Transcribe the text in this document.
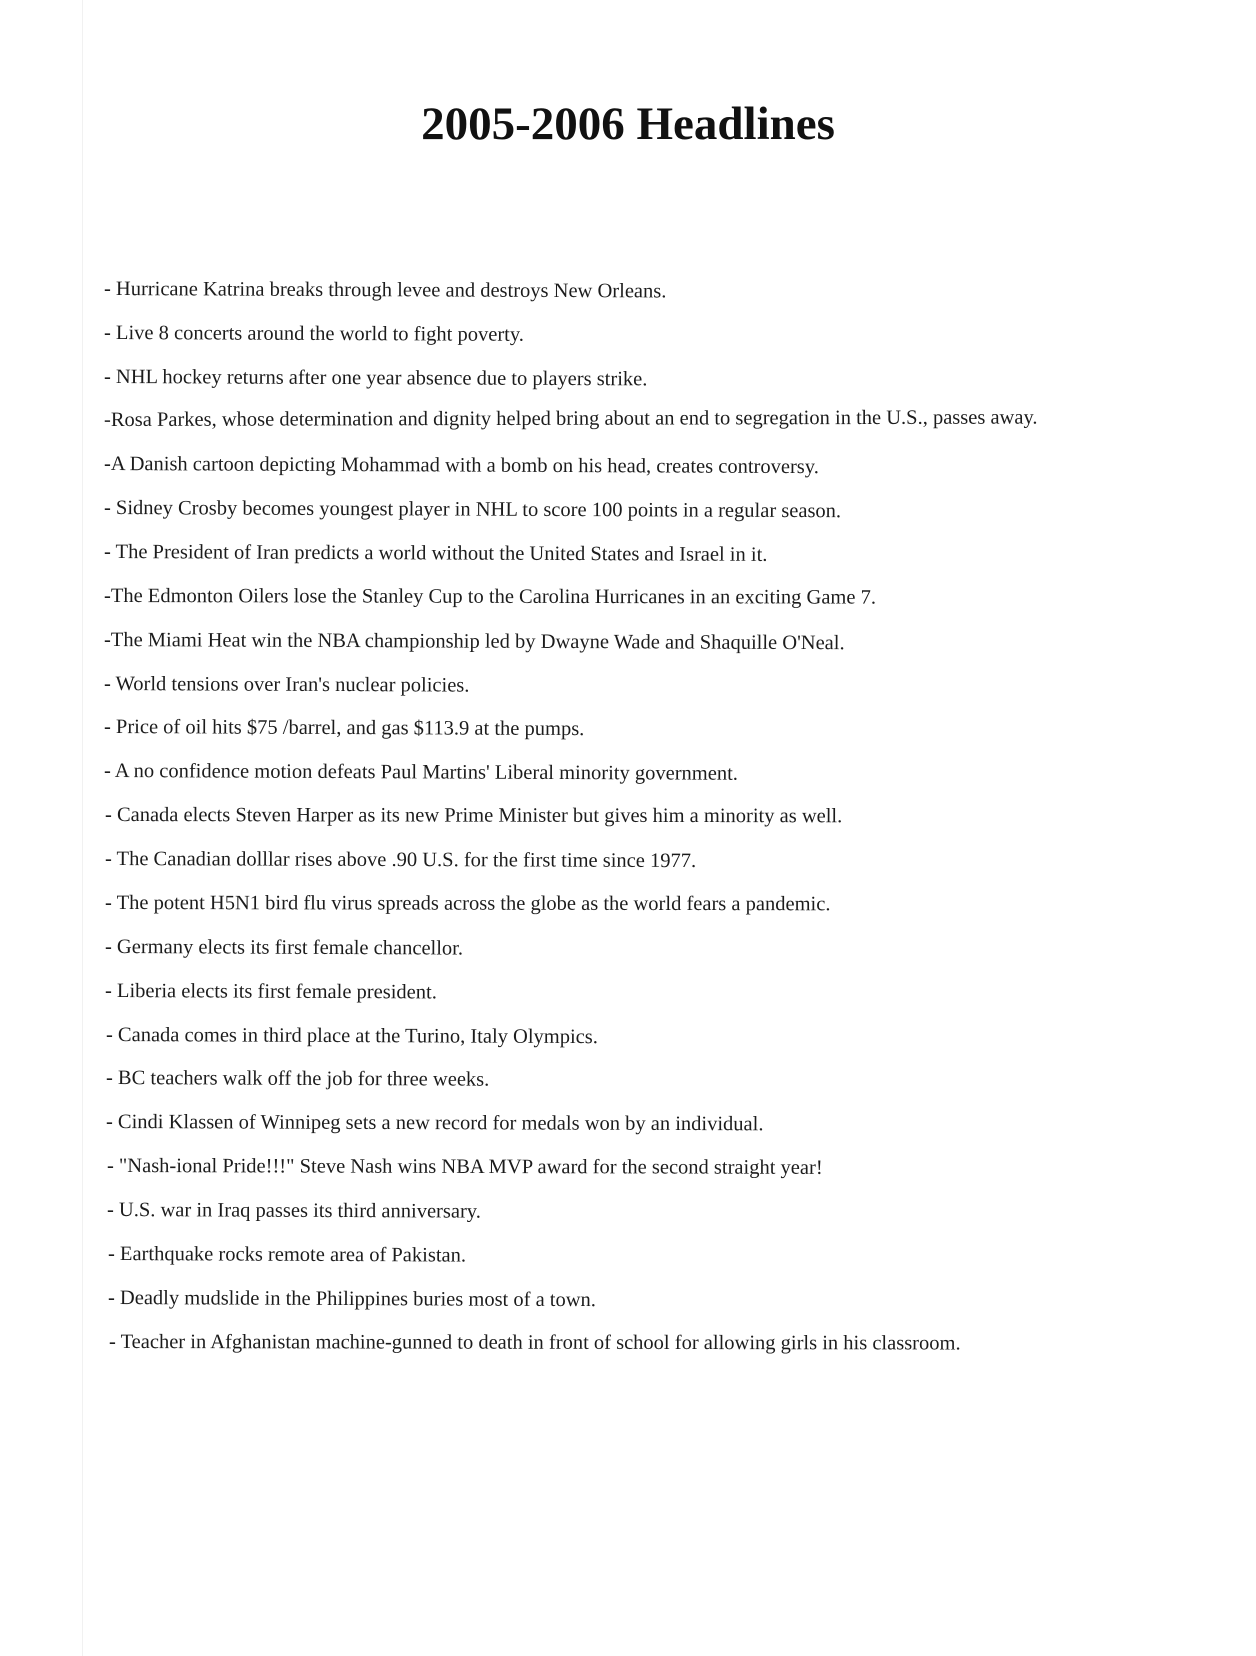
2005-2006 Headlines
- Hurricane Katrina breaks through levee and destroys New Orleans.
- Live 8 concerts around the world to fight poverty.
- NHL hockey returns after one year absence due to players strike.
-Rosa Parkes, whose determination and dignity helped bring about an end to segregation in the U.S., passes away.
-A Danish cartoon depicting Mohammad with a bomb on his head, creates controversy.
- Sidney Crosby becomes youngest player in NHL to score 100 points in a regular season.
- The President of Iran predicts a world without the United States and Israel in it.
-The Edmonton Oilers lose the Stanley Cup to the Carolina Hurricanes in an exciting Game 7.
-The Miami Heat win the NBA championship led by Dwayne Wade and Shaquille O'Neal.
- World tensions over Iran's nuclear policies.
- Price of oil hits $75 /barrel, and gas $113.9 at the pumps.
- A no confidence motion defeats Paul Martins' Liberal minority government.
- Canada elects Steven Harper as its new Prime Minister but gives him a minority as well.
- The Canadian dolllar rises above .90 U.S. for the first time since 1977.
- The potent H5N1 bird flu virus spreads across the globe as the world fears a pandemic.
- Germany elects its first female chancellor.
- Liberia elects its first female president.
- Canada comes in third place at the Turino, Italy Olympics.
- BC teachers walk off the job for three weeks.
- Cindi Klassen of Winnipeg sets a new record for medals won by an individual.
- "Nash-ional Pride!!!" Steve Nash wins NBA MVP award for the second straight year!
- U.S. war in Iraq passes its third anniversary.
- Earthquake rocks remote area of Pakistan.
- Deadly mudslide in the Philippines buries most of a town.
- Teacher in Afghanistan machine-gunned to death in front of school for allowing girls in his classroom.
